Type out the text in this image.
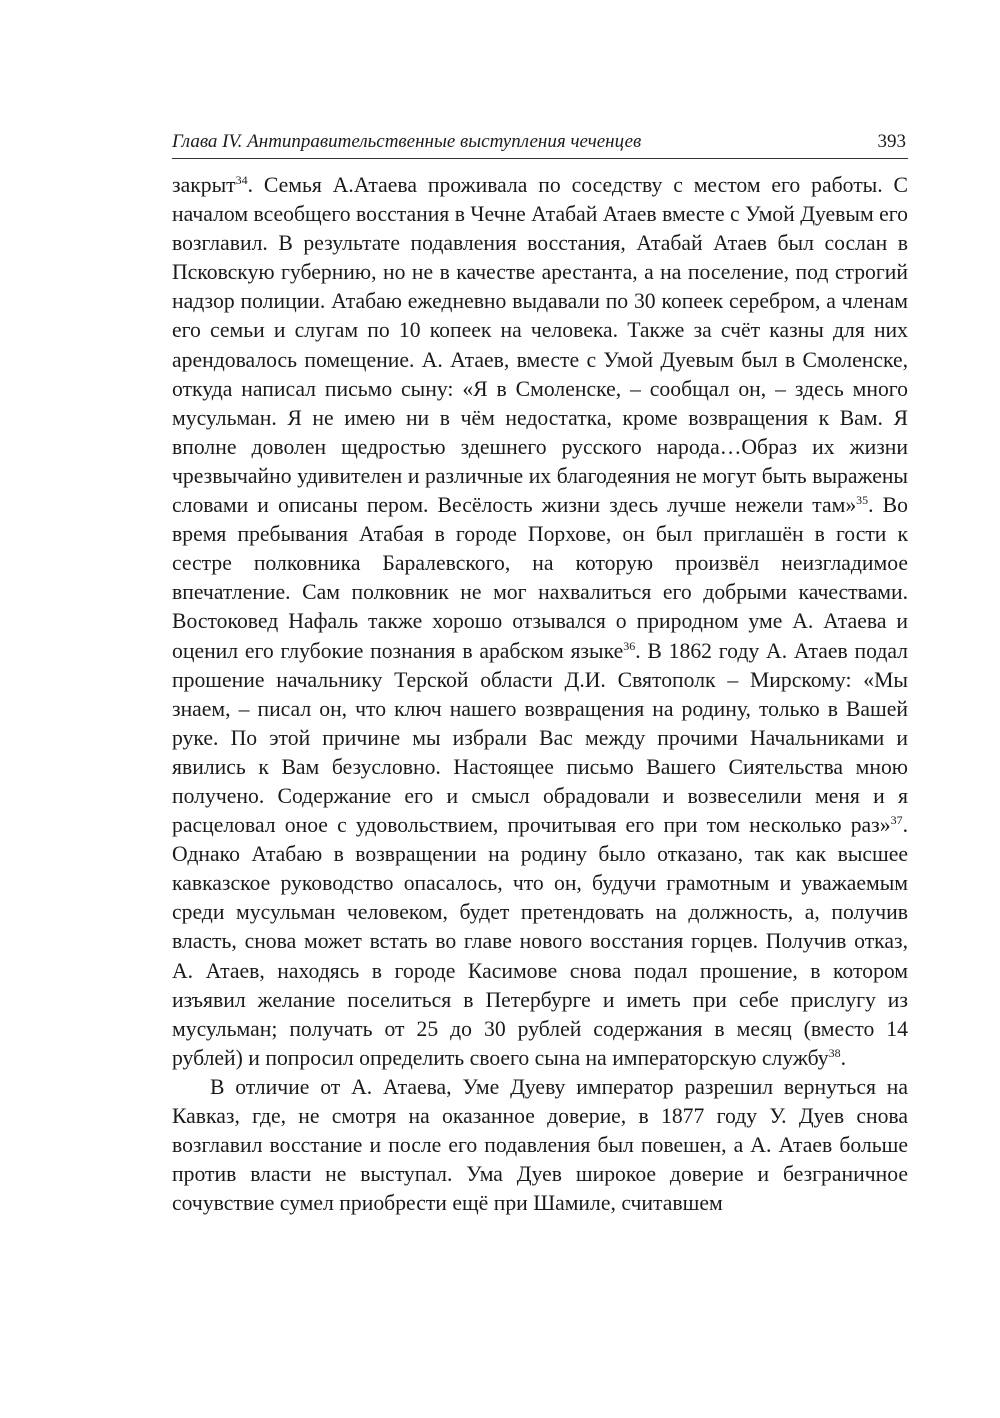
Глава IV. Антиправительственные выступления чеченцев	393

закрыт$^{34}$. Семья А.Атаева проживала по соседству с местом его работы. С началом всеобщего восстания в Чечне Атабай Атаев вместе с Умой Дуевым его возглавил. В результате подавления восстания, Атабай Атаев был сослан в Псковскую губернию, но не в качестве арестанта, а на поселение, под строгий надзор полиции. Атабаю ежедневно выдавали по 30 копеек серебром, а членам его семьи и слугам по 10 копеек на человека. Также за счёт казны для них арендовалось помещение. А. Атаев, вместе с Умой Дуевым был в Смоленске, откуда написал письмо сыну: «Я в Смоленске, – сообщал он, – здесь много мусульман. Я не имею ни в чём недостатка, кроме возвращения к Вам. Я вполне доволен щедростью здешнего русского народа…Образ их жизни чрезвычайно удивителен и различные их благодеяния не могут быть выражены словами и описаны пером. Весёлость жизни здесь лучше нежели там»$^{35}$. Во время пребывания Атабая в городе Порхове, он был приглашён в гости к сестре полковника Баралевского, на которую произвёл неизгладимое впечатление. Сам полковник не мог нахвалиться его добрыми качествами. Востоковед Нафаль также хорошо отзывался о природном уме А. Атаева и оценил его глубокие познания в арабском языке$^{36}$. В 1862 году А. Атаев подал прошение начальнику Терской области Д.И. Святополк – Мирскому: «Мы знаем, – писал он, что ключ нашего возвращения на родину, только в Вашей руке. По этой причине мы избрали Вас между прочими Начальниками и явились к Вам безусловно. Настоящее письмо Вашего Сиятельства мною получено. Содержание его и смысл обрадовали и возвеселили меня и я расцеловал оное с удовольствием, прочитывая его при том несколько раз»$^{37}$. Однако Атабаю в возвращении на родину было отказано, так как высшее кавказское руководство опасалось, что он, будучи грамотным и уважаемым среди мусульман человеком, будет претендовать на должность, а, получив власть, снова может встать во главе нового восстания горцев. Получив отказ, А. Атаев, находясь в городе Касимове снова подал прошение, в котором изъявил желание поселиться в Петербурге и иметь при себе прислугу из мусульман; получать от 25 до 30 рублей содержания в месяц (вместо 14 рублей) и попросил определить своего сына на императорскую службу$^{38}$.

В отличие от А. Атаева, Уме Дуеву император разрешил вернуться на Кавказ, где, не смотря на оказанное доверие, в 1877 году У. Дуев снова возглавил восстание и после его подавления был повешен, а А. Атаев больше против власти не выступал. Ума Дуев широкое доверие и безграничное сочувствие сумел приобрести ещё при Шамиле, считавшем
